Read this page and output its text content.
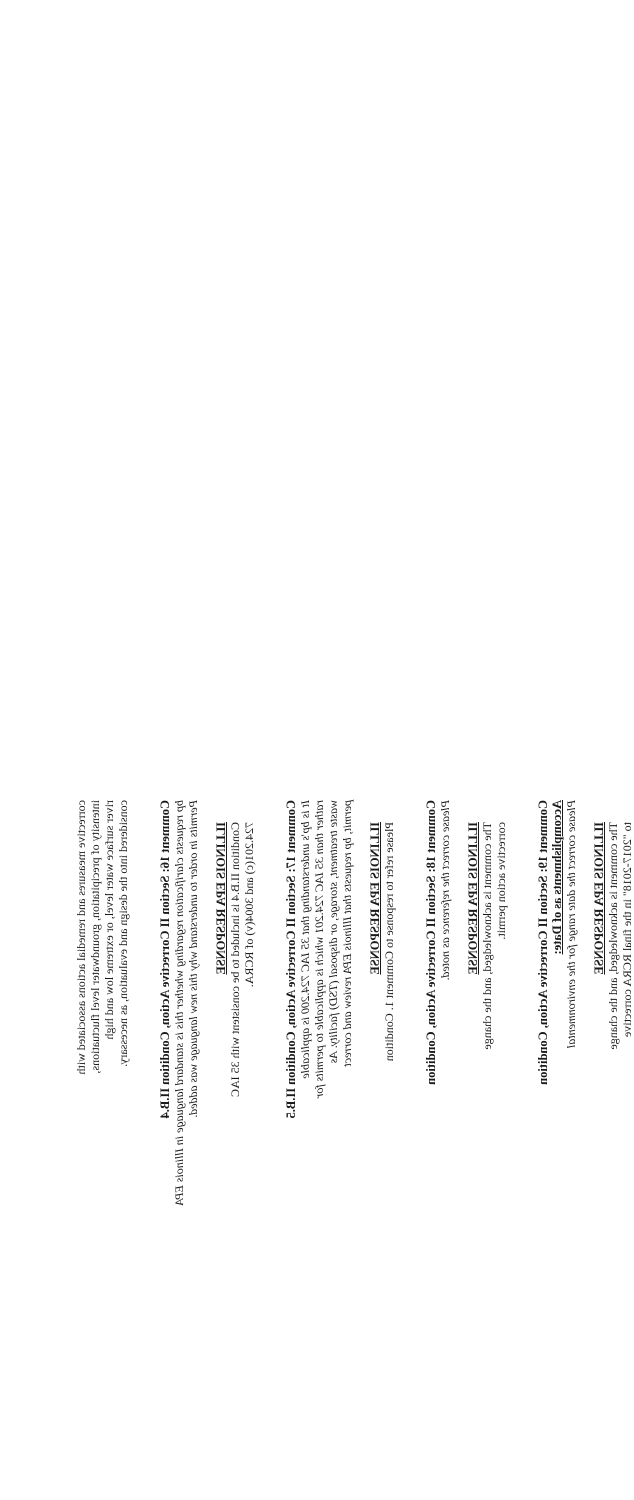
corrective measures and remedial actions associated with intensity of precipitation, groundwater level fluctuations, river surface water level, or extreme low and high considered into the design and evaluation, as necessary. Comment 16: Section II Corrective Action, Condition II.B.4 bp requests clarification regarding whether this is standard language in Illinois EPA Permits in order to understand why this new language was added. ILLINOIS EPA RESPONSE Condition II.B.4 is included to be consistent with 35 IAC 724.201(c) and 3004(v) of RCRA. Comment 17: Section II Corrective Action, Condition II.B.5 It is bp's understanding that 35 IAC 724.200 is applicable rather than 35 IAC 724.201 which is applicable to permits for waste treatment, storage, or disposal (TSD) facility. As permit, bp requests that Illinois EPA review and correct ILLINOIS EPA RESPONSE Please refer to response to Comment 1. Condition Comment 18: Section II Corrective Action, Condition Please correct the reference as noted. ILLINOIS EPA RESPONSE The comment is acknowledged, and the change corrective action permit. Comment 19: Section II Corrective Action, Condition Accomplishments as of Date: Please correct the date range for the environmental ILLINOIS EPA RESPONSE The comment is acknowledged, and the change to "2017-2018" in the final RCRA corrective
